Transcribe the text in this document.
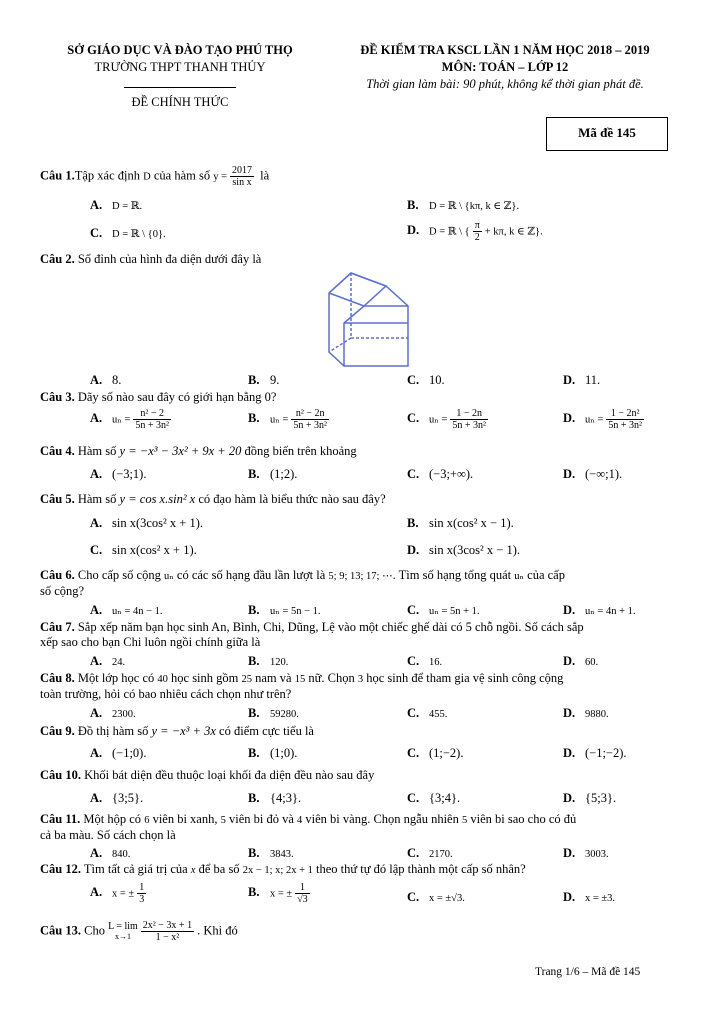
SỞ GIÁO DỤC VÀ ĐÀO TẠO PHÚ THỌ
TRƯỜNG THPT THANH THỦY
ĐỀ CHÍNH THỨC
ĐỀ KIỂM TRA KSCL LẦN 1 NĂM HỌC 2018 – 2019
MÔN: TOÁN – LỚP 12
Thời gian làm bài: 90 phút, không kể thời gian phát đề.
Mã đề 145
Câu 1.Tập xác định D của hàm số $y = \frac{2017}{\text{sin x}}$ là
A. D = ℝ.	B. D = ℝ \ {kπ, k ∈ ℤ}.
C. D = ℝ \ {0}.	D. D = ℝ \ { $\frac{\pi}{2} + k\pi$, k ∈ ℤ}.
Câu 2. Số đỉnh của hình đa diện dưới đây là
A. 8.	B. 9.	C. 10.	D. 11.
Câu 3. Dãy số nào sau đây có giới hạn bằng 0?
A. $u_n = \frac{\text{n² − 2}}{\text{5n + 3n²}}$	B. $u_n = \frac{\text{n² − 2n}}{\text{5n + 3n²}}$	C. $u_n = \frac{1 - 2n}{\text{5n + 3n²}}$	D. $u_n = \frac{\text{1 − 2n²}}{\text{5n + 3n²}}$
Câu 4. Hàm số y = −x³ − 3x² + 9x + 20 đồng biến trên khoảng
A. (−3;1).	B. (1;2).	C. (−3;+∞).	D. (−∞;1).
Câu 5. Hàm số y = cos x.sin² x có đạo hàm là biểu thức nào sau đây?
A. sin x(3cos² x + 1).	B. sin x(cos² x − 1).
C. sin x(cos² x + 1).	D. sin x(3cos² x − 1).
Câu 6. Cho cấp số cộng uₙ có các số hạng đầu lần lượt là 5; 9; 13; 17; ⋯. Tìm số hạng tổng quát uₙ của cấp
số cộng?
A. uₙ = 4n − 1.	B. uₙ = 5n − 1.	C. uₙ = 5n + 1.	D. uₙ = 4n + 1.
Câu 7. Sắp xếp năm bạn học sinh An, Bình, Chi, Dũng, Lệ vào một chiếc ghế dài có 5 chỗ ngồi. Số cách sắp
xếp sao cho bạn Chi luôn ngồi chính giữa là
A. 24.	B. 120.	C. 16.	D. 60.
Câu 8. Một lớp học có 40 học sinh gồm 25 nam và 15 nữ. Chọn 3 học sinh để tham gia vệ sinh công cộng
toàn trường, hỏi có bao nhiêu cách chọn như trên?
A. 2300.	B. 59280.	C. 455.	D. 9880.
Câu 9. Đồ thị hàm số y = −x³ + 3x có điểm cực tiểu là
A. (−1;0).	B. (1;0).	C. (1;−2).	D. (−1;−2).
Câu 10. Khối bát diện đều thuộc loại khối đa diện đều nào sau đây
A. {3;5}.	B. {4;3}.	C. {3;4}.	D. {5;3}.
Câu 11. Một hộp có 6 viên bi xanh, 5 viên bi đỏ và 4 viên bi vàng. Chọn ngẫu nhiên 5 viên bi sao cho có đủ
cả ba màu. Số cách chọn là
A. 840.	B. 3843.	C. 2170.	D. 3003.
Câu 12. Tìm tất cả giá trị của x để ba số 2x − 1; x; 2x + 1 theo thứ tự đó lập thành một cấp số nhân?
A. x = ± $\frac{1}{3}$	B. x = ± $\frac{1}{√3}$	C. x = ±√3.	D. x = ±3.
Câu 13. Cho L = lim
$x\to 1 \frac{\text{2x² − 3x + 1}}{\text{1 − x²}}$ . Khi đó
Trang 1/6 – Mã đề 145
